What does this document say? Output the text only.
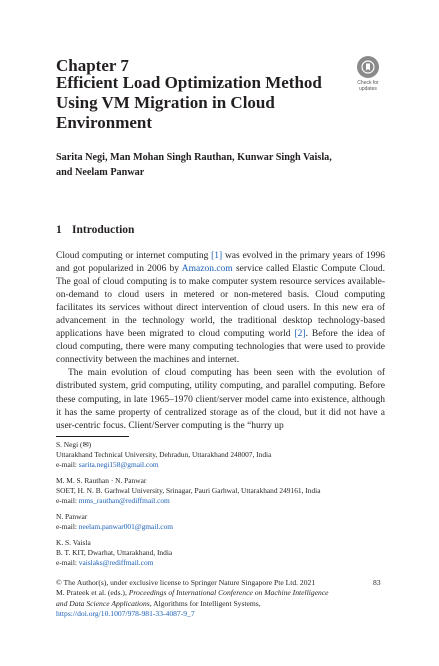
Chapter 7
Efficient Load Optimization Method
Using VM Migration in Cloud
Environment
Check for
updates
Sarita Negi, Man Mohan Singh Rauthan, Kunwar Singh Vaisla,
and Neelam Panwar
1 Introduction

Cloud computing or internet computing [1] was evolved in the primary years of 1996 and got popularized in 2006 by Amazon.com service called Elastic Compute Cloud. The goal of cloud computing is to make computer system resource services available-on-demand to cloud users in metered or non-metered basis. Cloud computing facilitates its services without direct intervention of cloud users. In this new era of advancement in the technology world, the traditional desktop technology-based applications have been migrated to cloud computing world [2]. Before the idea of cloud computing, there were many computing technologies that were used to provide connectivity between the machines and internet.

The main evolution of cloud computing has been seen with the evolution of distributed system, grid computing, utility computing, and parallel computing. Before these computing, in late 1965–1970 client/server model came into existence, although it has the same property of centralized storage as of the cloud, but it did not have a user-centric focus. Client/Server computing is the “hurry up

S. Negi (✉)
Uttarakhand Technical University, Dehradun, Uttarakhand 248007, India
e-mail: sarita.negi158@gmail.com
M. M. S. Rauthan · N. Panwar
SOET, H. N. B. Garhwal University, Srinagar, Pauri Garhwal, Uttarakhand 249161, India
e-mail: mms_rauthan@rediffmail.com
N. Panwar
e-mail: neelam.panwar001@gmail.com
K. S. Vaisla
B. T. KIT, Dwarhat, Uttarakhand, India
e-mail: vaislaks@rediffmail.com
© The Author(s), under exclusive license to Springer Nature Singapore Pte Ltd. 2021
M. Prateek et al. (eds.), Proceedings of International Conference on Machine Intelligence
and Data Science Applications, Algorithms for Intelligent Systems,
https://doi.org/10.1007/978-981-33-4087-9_7
83
